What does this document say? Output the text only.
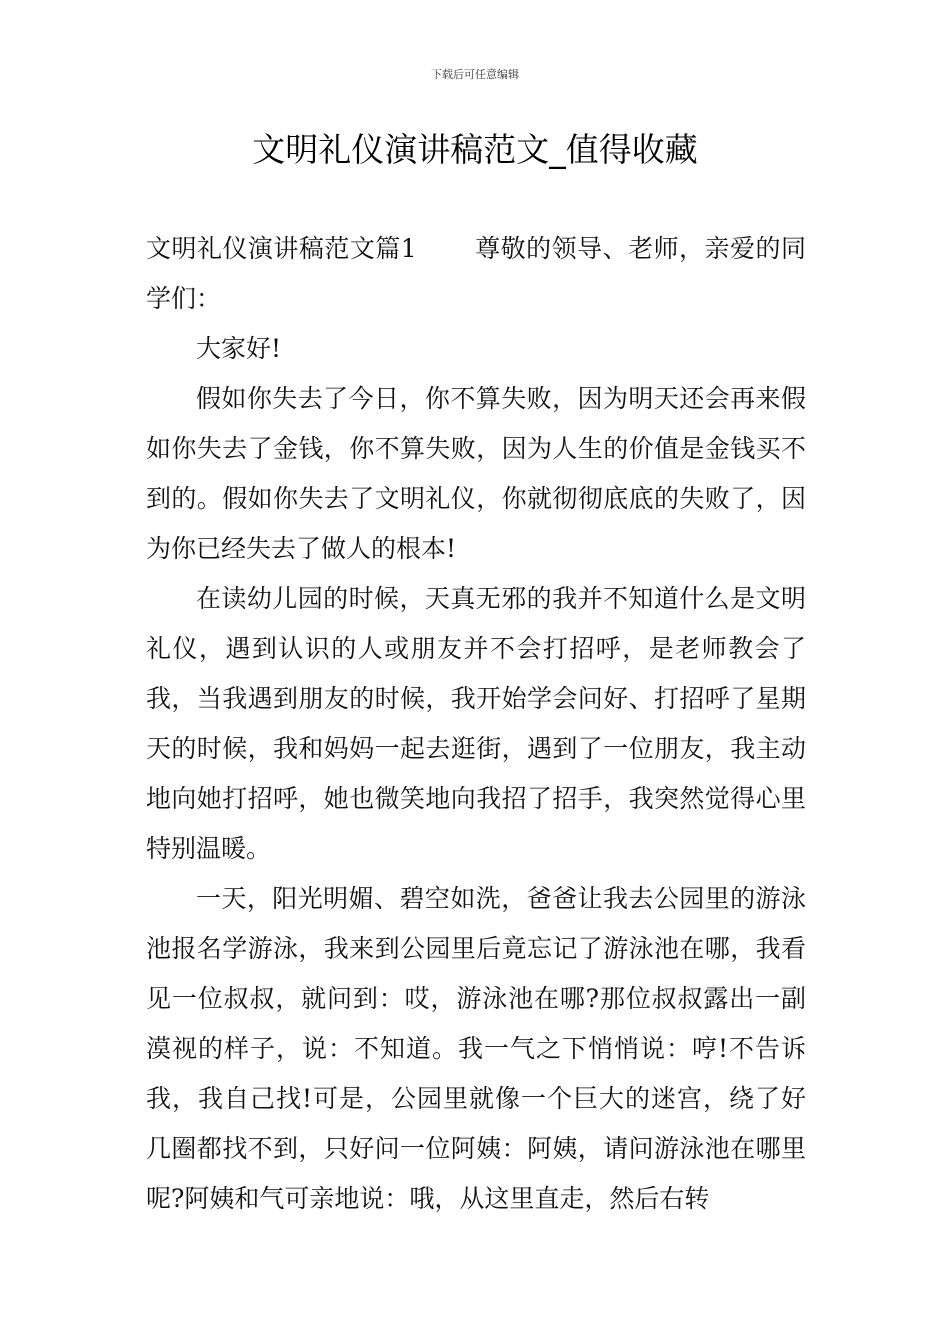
下载后可任意编辑
文明礼仪演讲稿范文_值得收藏

文明礼仪演讲稿范文篇1 尊敬的领导、老师，亲爱的同学们：

大家好!

假如你失去了今日，你不算失败，因为明天还会再来假如你失去了金钱，你不算失败，因为人生的价值是金钱买不到的。假如你失去了文明礼仪，你就彻彻底底的失败了，因为你已经失去了做人的根本!

在读幼儿园的时候，天真无邪的我并不知道什么是文明礼仪，遇到认识的人或朋友并不会打招呼，是老师教会了我，当我遇到朋友的时候，我开始学会问好、打招呼了星期天的时候，我和妈妈一起去逛街，遇到了一位朋友，我主动地向她打招呼，她也微笑地向我招了招手，我突然觉得心里特别温暖。

一天，阳光明媚、碧空如洗，爸爸让我去公园里的游泳池报名学游泳，我来到公园里后竟忘记了游泳池在哪，我看见一位叔叔，就问到：哎，游泳池在哪?那位叔叔露出一副漠视的样子，说：不知道。我一气之下悄悄说：哼!不告诉我，我自己找!可是，公园里就像一个巨大的迷宫，绕了好几圈都找不到，只好问一位阿姨：阿姨，请问游泳池在哪里呢?阿姨和气可亲地说：哦，从这里直走，然后右转
